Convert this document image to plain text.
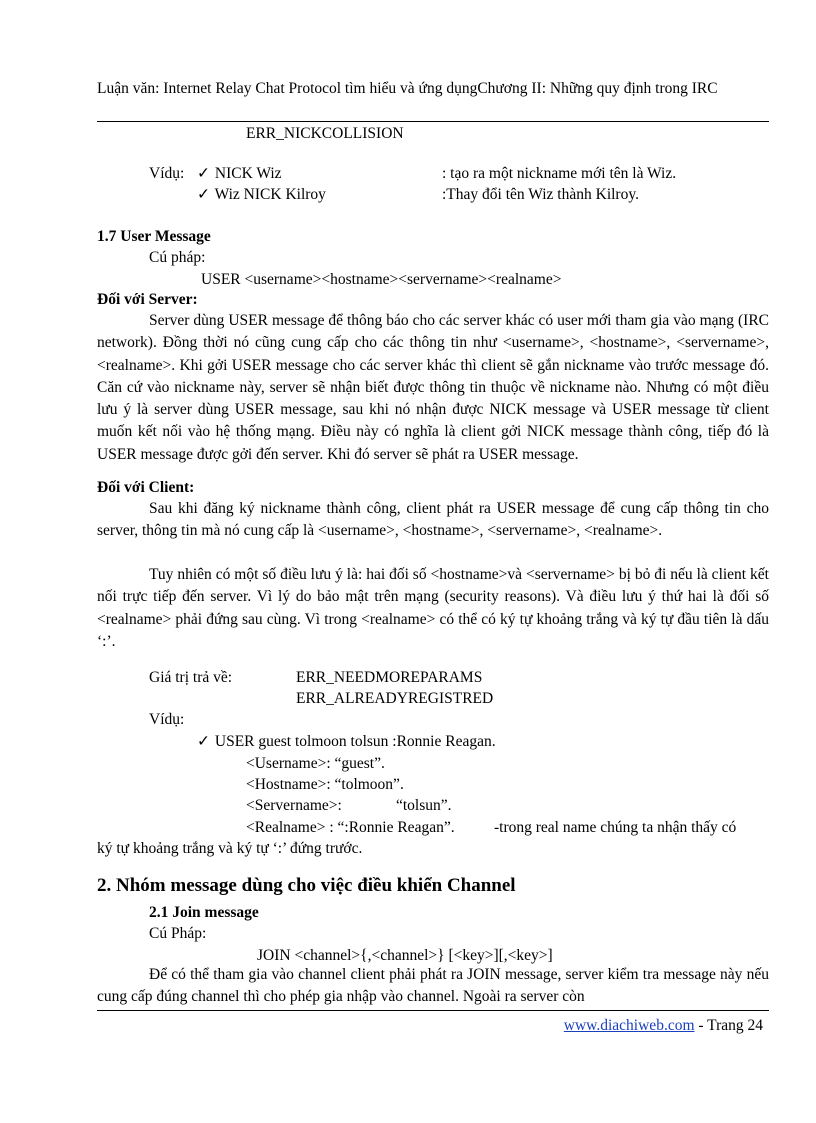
Luận văn: Internet Relay Chat Protocol tìm hiểu và ứng dụngChương II: Những quy định trong IRC
ERR_NICKCOLLISION
Vídụ: ✓ NICK Wiz	: tạo ra một nickname mới tên là Wiz.
✓ Wiz NICK Kilroy	:Thay đổi tên Wiz thành Kilroy.
1.7 User Message
Cú pháp:
USER <username><hostname><servername><realname>
Đối với Server:
Server dùng USER message để thông báo cho các server khác có user mới tham gia vào mạng (IRC network). Đồng thời nó cũng cung cấp cho các thông tin như <username>, <hostname>, <servername>, <realname>. Khi gởi USER message cho các server khác thì client sẽ gắn nickname vào trước message đó. Căn cứ vào nickname này, server sẽ nhận biết được thông tin thuộc về nickname nào. Nhưng có một điều lưu ý là server dùng USER message, sau khi nó nhận được NICK message và USER message từ client muốn kết nối vào hệ thống mạng. Điều này có nghĩa là client gởi NICK message thành công, tiếp đó là USER message được gởi đến server. Khi đó server sẽ phát ra USER message.
Đối với Client:
Sau khi đăng ký nickname thành công, client phát ra USER message để cung cấp thông tin cho server, thông tin mà nó cung cấp là <username>, <hostname>, <servername>, <realname>.
Tuy nhiên có một số điều lưu ý là: hai đối số <hostname>và <servername> bị bỏ đi nếu là client kết nối trực tiếp đến server. Vì lý do bảo mật trên mạng (security reasons). Và điều lưu ý thứ hai là đối số <realname> phải đứng sau cùng. Vì trong <realname> có thể có ký tự khoảng trắng và ký tự đầu tiên là dấu ‘:’.
Giá trị trả về:	ERR_NEEDMOREPARAMS
ERR_ALREADYREGISTRED
Vídụ:
✓ USER guest tolmoon tolsun :Ronnie Reagan.
<Username>: “guest”.
<Hostname>: “tolmoon”.
<Servername>:	“tolsun”.
<Realname> : “:Ronnie Reagan”.	-trong real name chúng ta nhận thấy có
ký tự khoảng trắng và ký tự ‘:’ đứng trước.
2. Nhóm message dùng cho việc điều khiển Channel
2.1 Join message
Cú Pháp:
JOIN <channel>{,<channel>} [<key>][,<key>]
Để có thể tham gia vào channel client phải phát ra JOIN message, server kiểm tra message này nếu cung cấp đúng channel thì cho phép gia nhập vào channel. Ngoài ra server còn
www.diachiweb.com - Trang 24
